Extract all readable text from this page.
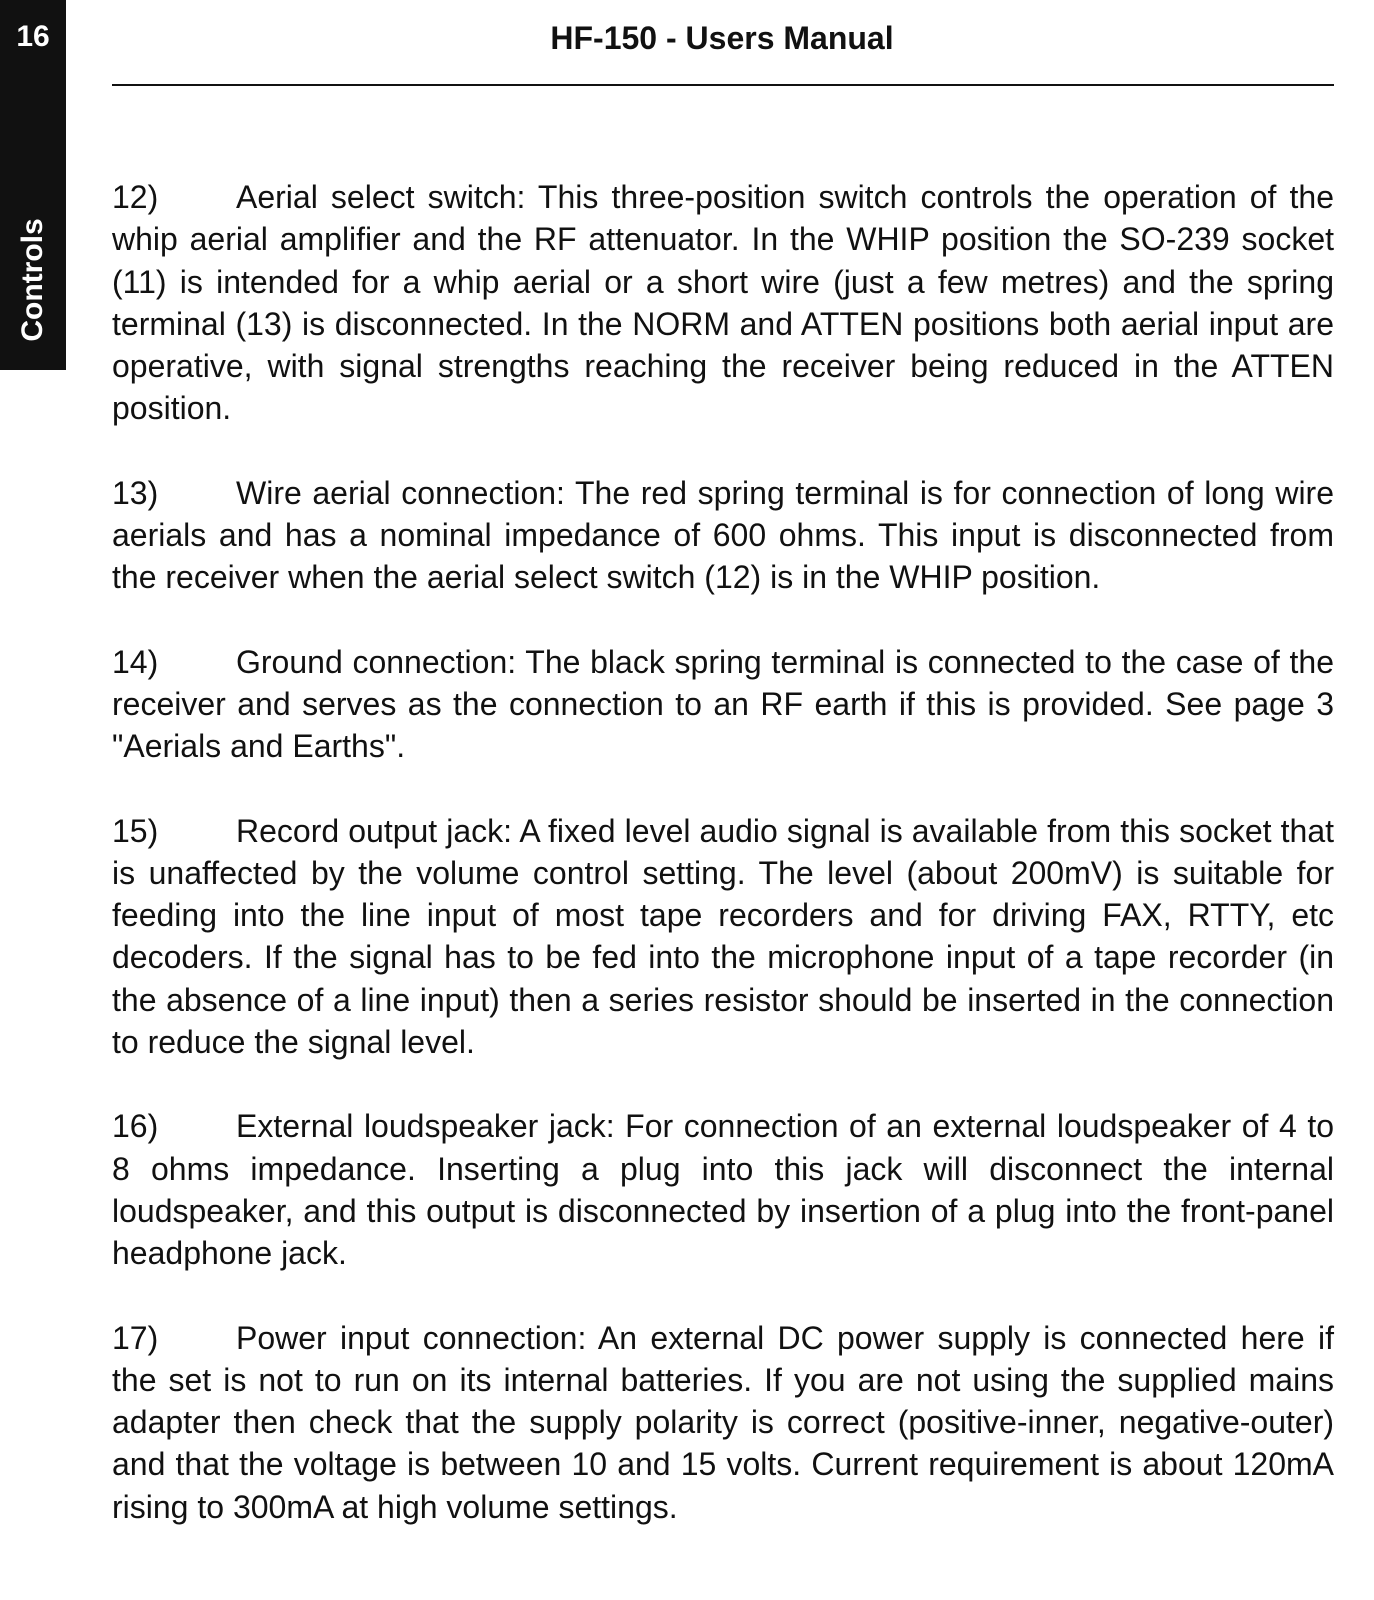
16
Controls
HF-150 - Users Manual

12) Aerial select switch: This three-position switch controls the operation of the whip aerial amplifier and the RF attenuator. In the WHIP position the SO-239 socket (11) is intended for a whip aerial or a short wire (just a few metres) and the spring terminal (13) is disconnected. In the NORM and ATTEN positions both aerial input are operative, with signal strengths reaching the receiver being reduced in the ATTEN position.

13) Wire aerial connection: The red spring terminal is for connection of long wire aerials and has a nominal impedance of 600 ohms. This input is disconnected from the receiver when the aerial select switch (12) is in the WHIP position.

14) Ground connection: The black spring terminal is connected to the case of the receiver and serves as the connection to an RF earth if this is provided. See page 3 "Aerials and Earths".

15) Record output jack: A fixed level audio signal is available from this socket that is unaffected by the volume control setting. The level (about 200mV) is suitable for feeding into the line input of most tape recorders and for driving FAX, RTTY, etc decoders. If the signal has to be fed into the microphone input of a tape recorder (in the absence of a line input) then a series resistor should be inserted in the connection to reduce the signal level.

16) External loudspeaker jack: For connection of an external loudspeaker of 4 to 8 ohms impedance. Inserting a plug into this jack will disconnect the internal loudspeaker, and this output is disconnected by insertion of a plug into the front-panel headphone jack.

17) Power input connection: An external DC power supply is connected here if the set is not to run on its internal batteries. If you are not using the supplied mains adapter then check that the supply polarity is correct (positive-inner, negative-outer) and that the voltage is between 10 and 15 volts. Current requirement is about 120mA rising to 300mA at high volume settings.
